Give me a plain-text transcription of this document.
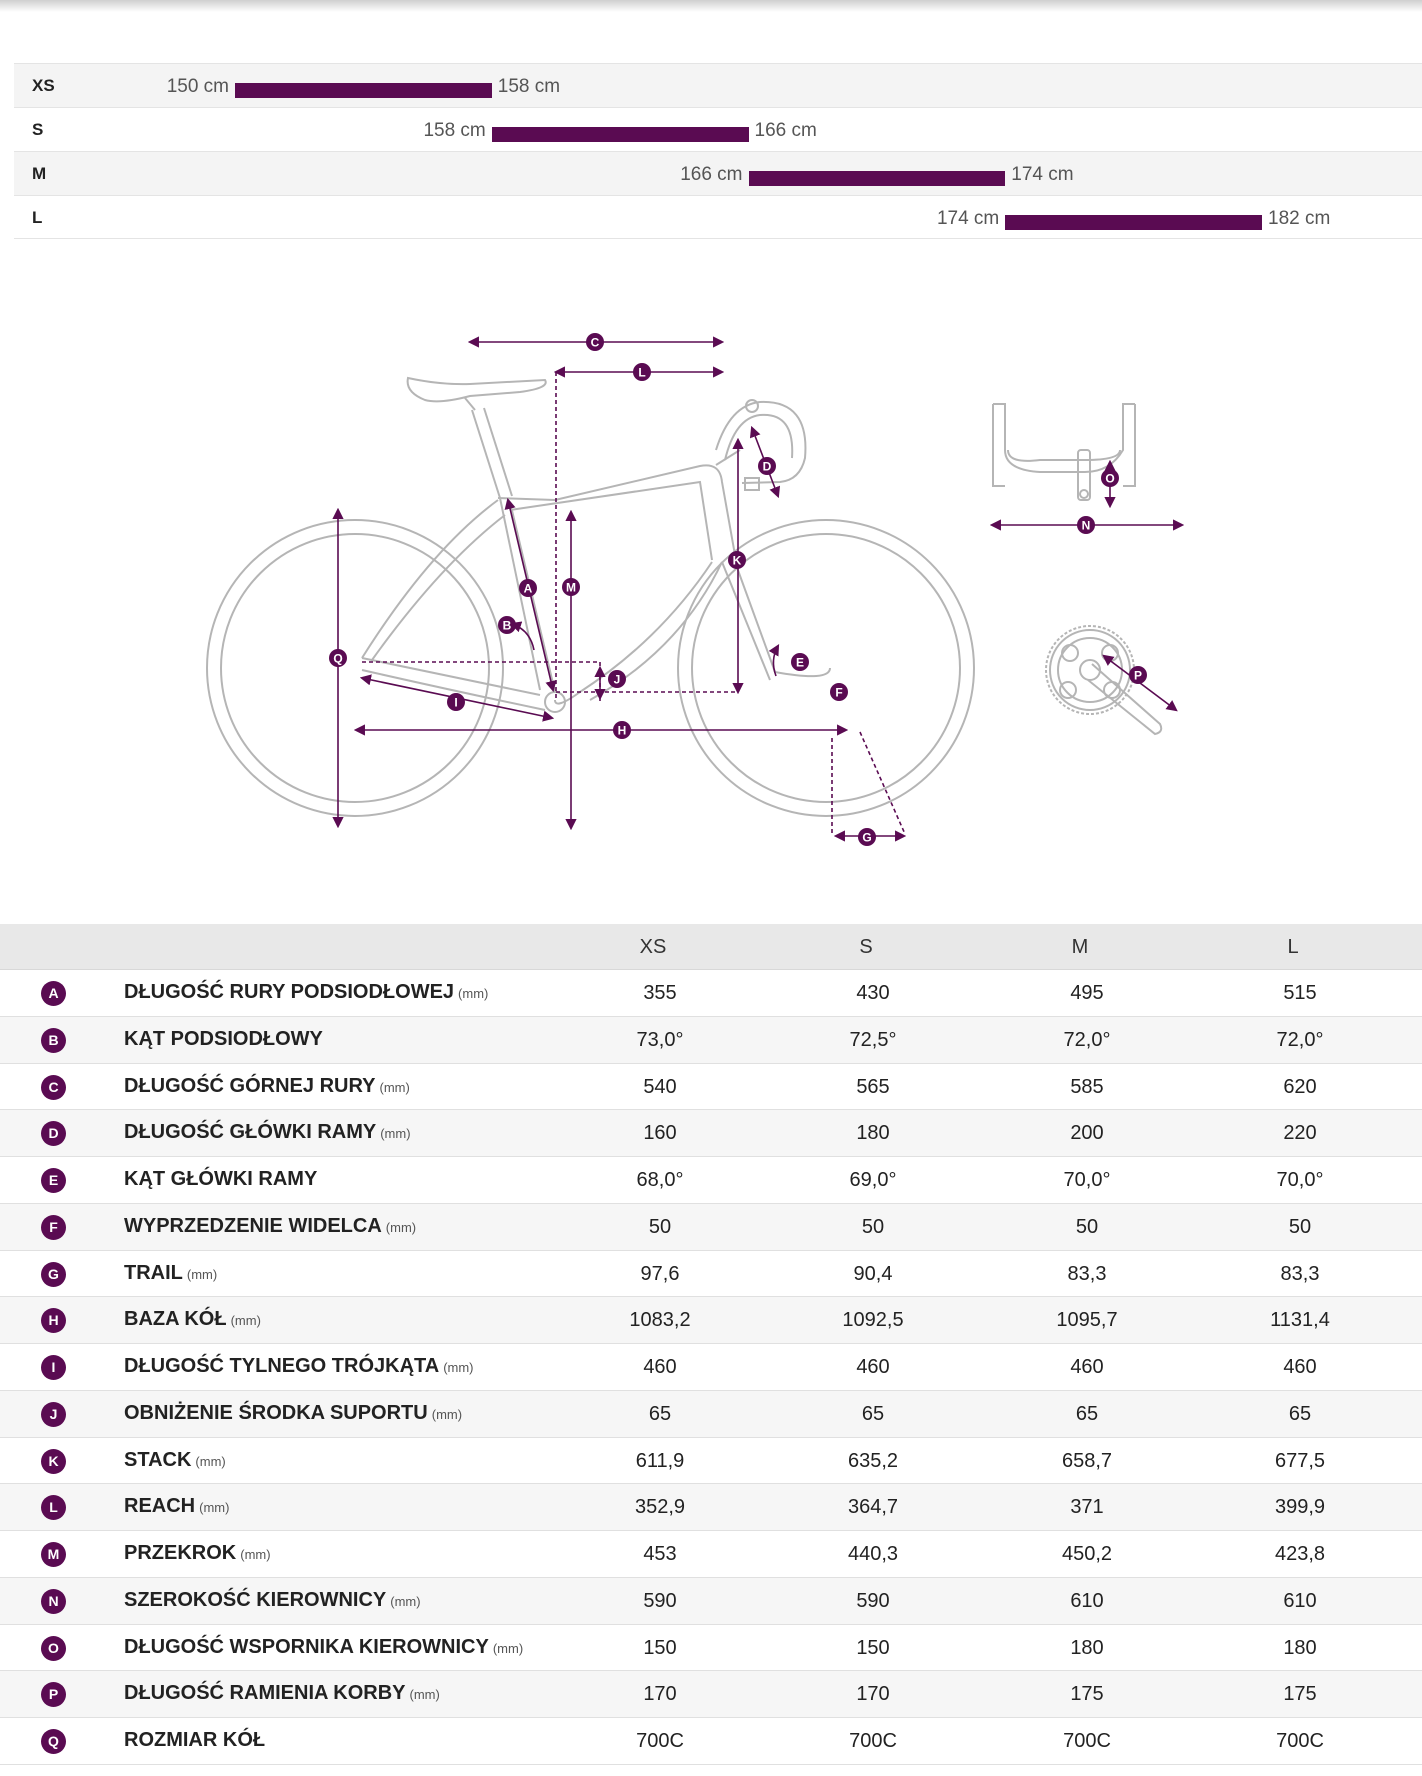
XS	150 cm	158 cm
S	158 cm	166 cm
M	166 cm	174 cm
L	174 cm	182 cm
A
B
C
D
E
F
G
H
I
J
K
L
M
N
O
P
Q
XS	S	M	L
A	DŁUGOŚĆ RURY PODSIODŁOWEJ (mm)	355	430	495	515
B	KĄT PODSIODŁOWY	73,0°	72,5°	72,0°	72,0°
C	DŁUGOŚĆ GÓRNEJ RURY (mm)	540	565	585	620
D	DŁUGOŚĆ GŁÓWKI RAMY (mm)	160	180	200	220
E	KĄT GŁÓWKI RAMY	68,0°	69,0°	70,0°	70,0°
F	WYPRZEDZENIE WIDELCA (mm)	50	50	50	50
G	TRAIL (mm)	97,6	90,4	83,3	83,3
H	BAZA KÓŁ (mm)	1083,2	1092,5	1095,7	1131,4
I	DŁUGOŚĆ TYLNEGO TRÓJKĄTA (mm)	460	460	460	460
J	OBNIŻENIE ŚRODKA SUPORTU (mm)	65	65	65	65
K	STACK (mm)	611,9	635,2	658,7	677,5
L	REACH (mm)	352,9	364,7	371	399,9
M	PRZEKROK (mm)	453	440,3	450,2	423,8
N	SZEROKOŚĆ KIEROWNICY (mm)	590	590	610	610
O	DŁUGOŚĆ WSPORNIKA KIEROWNICY (mm)	150	150	180	180
P	DŁUGOŚĆ RAMIENIA KORBY (mm)	170	170	175	175
Q	ROZMIAR KÓŁ	700C	700C	700C	700C
